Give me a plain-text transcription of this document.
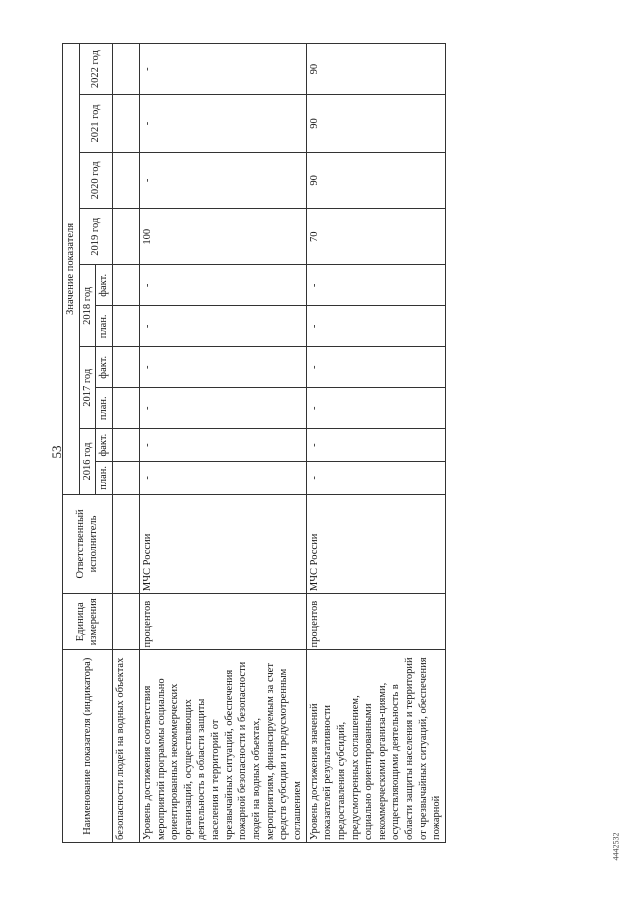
53
Наименование показателя (индикатора)	Единица измерения	Ответственный исполнитель	Значение показателя									
			2016 год		2017 год		2018 год		2019 год	2020 год	2021 год	2022 год
			план.	факт.	план.	факт.	план.	факт.				
безопасности людей на водных объектах												
Уровень достижения соответствия мероприятий программы социально ориентированных некоммерческих организаций, осуществляющих деятельность в области защиты населения и территорий от чрезвычайных ситуаций, обеспечения пожарной безопасности и безопасности людей на водных объектах, мероприятиям, финансируемым за счет средств субсидии и предусмотренным соглашением	процентов	МЧС России	-	-	-	-	-	-	100	-	-	-
Уровень достижения значений показателей результативности предоставления субсидий, предусмотренных соглашением, социально ориентированными некоммерческими организа-циями, осуществляющими деятельность в области защиты населения и территорий от чрезвычайных ситуаций, обеспечения пожарной	процентов	МЧС России	-	-	-	-	-	-	70	90	90	90
4442532
